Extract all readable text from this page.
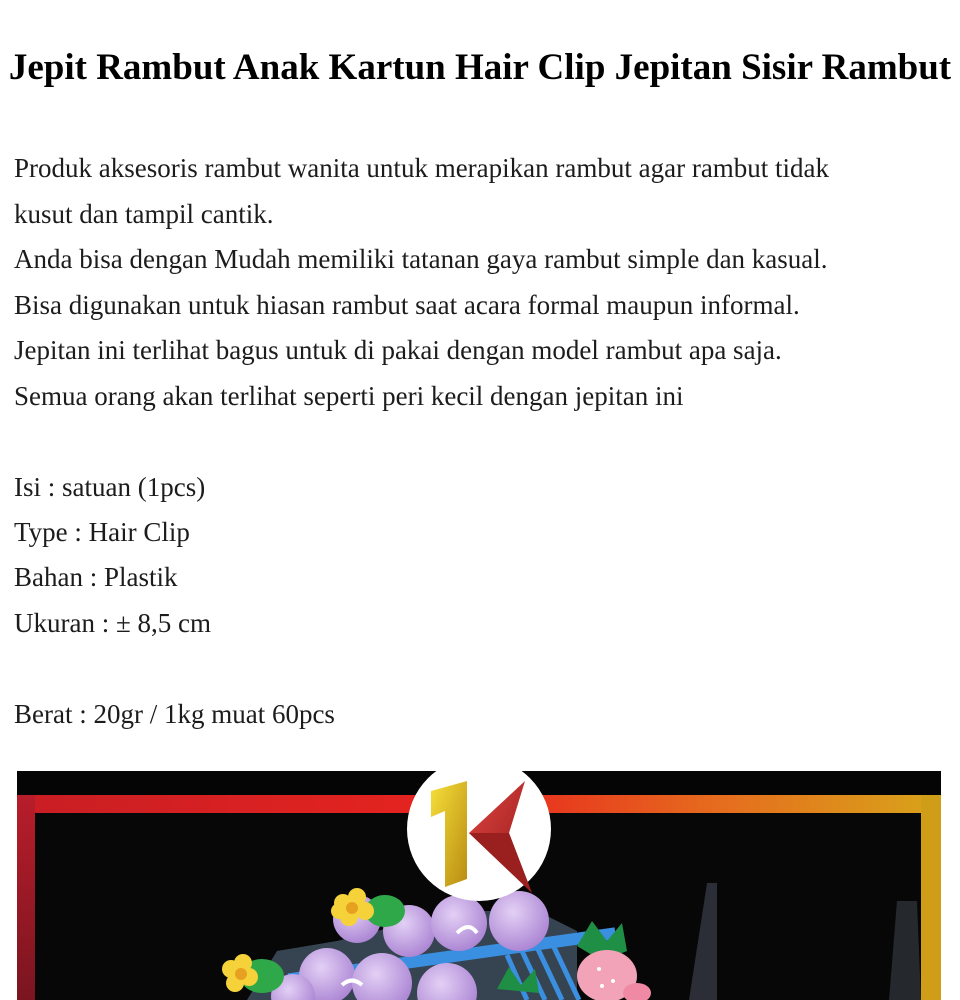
Jepit Rambut Anak Kartun Hair Clip Jepitan Sisir Rambut

Produk aksesoris rambut wanita untuk merapikan rambut agar rambut tidak

kusut dan tampil cantik.

Anda bisa dengan Mudah memiliki tatanan gaya rambut simple dan kasual.

Bisa digunakan untuk hiasan rambut saat acara formal maupun informal.

Jepitan ini terlihat bagus untuk di pakai dengan model rambut apa saja.

Semua orang akan terlihat seperti peri kecil dengan jepitan ini

Isi : satuan (1pcs)

Type : Hair Clip

Bahan : Plastik

Ukuran : ± 8,5 cm

Berat : 20gr / 1kg muat 60pcs
